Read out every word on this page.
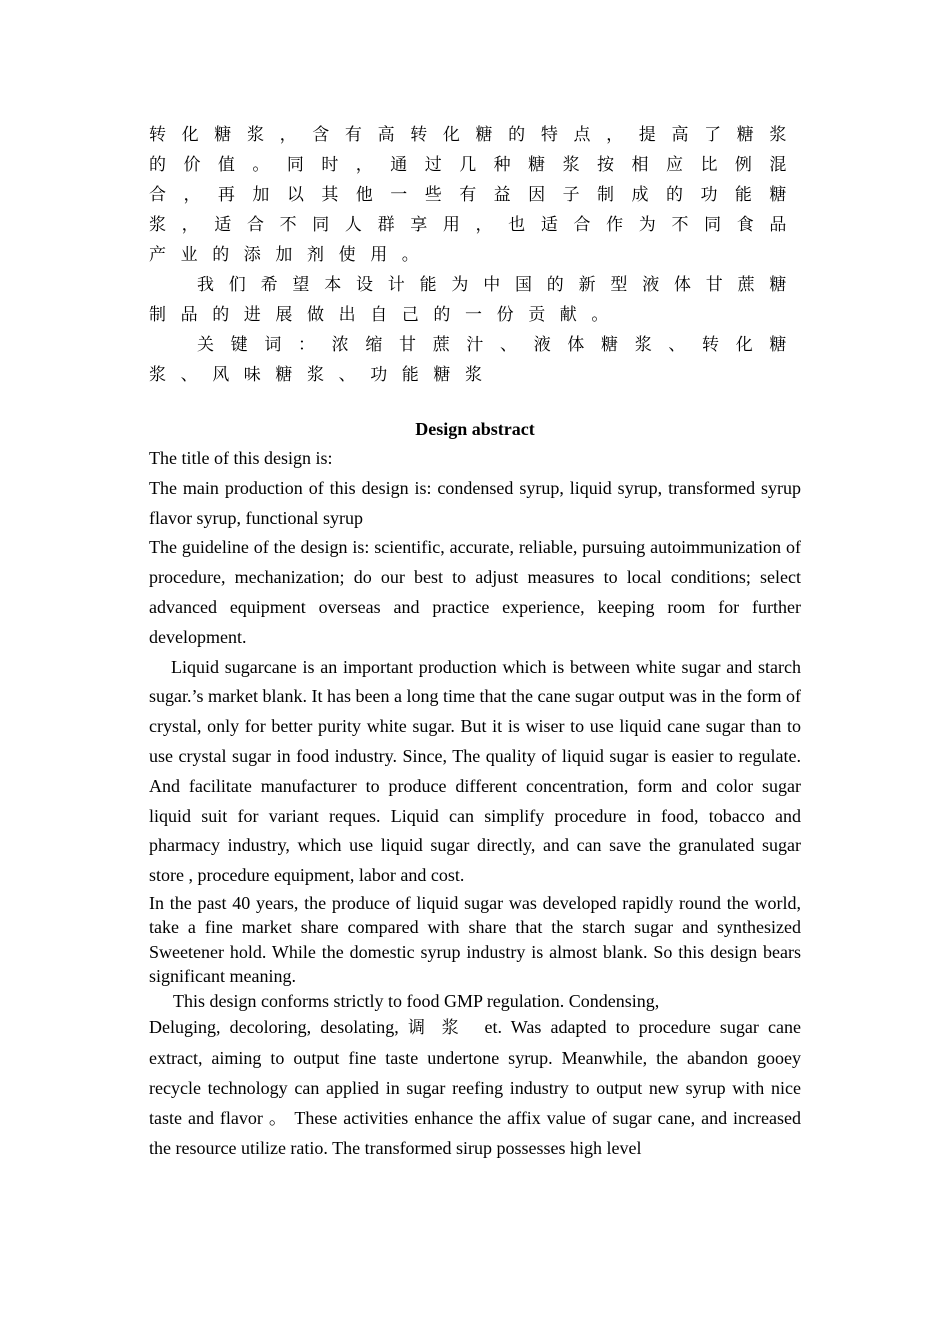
转化糖浆，含有高转化糖的特点，提高了糖浆的价值。同时，通过几种糖浆按相应比例混合，再加以其他一些有益因子制成的功能糖浆，适合不同人群享用，也适合作为不同食品产业的添加剂使用。

我们希望本设计能为中国的新型液体甘蔗糖制品的进展做出自己的一份贡献。

关键词：浓缩甘蔗汁、液体糖浆、转化糖浆、风味糖浆、功能糖浆

Design abstract

The title of this design is:

The main production of this design is: condensed syrup, liquid syrup, transformed syrup flavor syrup, functional syrup

The guideline of the design is: scientific, accurate, reliable, pursuing autoimmunization of procedure, mechanization; do our best to adjust measures to local conditions; select advanced equipment overseas and practice experience, keeping room for further development.

Liquid sugarcane is an important production which is between white sugar and starch sugar.’s market blank. It has been a long time that the cane sugar output was in the form of crystal, only for better purity white sugar. But it is wiser to use liquid cane sugar than to use crystal sugar in food industry. Since, The quality of liquid sugar is easier to regulate. And facilitate manufacturer to produce different concentration, form and color sugar liquid suit for variant reques. Liquid can simplify procedure in food, tobacco and pharmacy industry, which use liquid sugar directly, and can save the granulated sugar store , procedure equipment, labor and cost.

In the past 40 years, the produce of liquid sugar was developed rapidly round the world, take a fine market share compared with share that the starch sugar and synthesized Sweetener hold. While the domestic syrup industry is almost blank. So this design bears significant meaning.

This design conforms strictly to food GMP regulation. Condensing,

Deluging, decoloring, desolating, 调浆 et. Was adapted to procedure sugar cane extract, aiming to output fine taste undertone syrup. Meanwhile, the abandon gooey recycle technology can applied in sugar reefing industry to output new syrup with nice taste and flavor 。 These activities enhance the affix value of sugar cane, and increased the resource utilize ratio. The transformed sirup possesses high level
